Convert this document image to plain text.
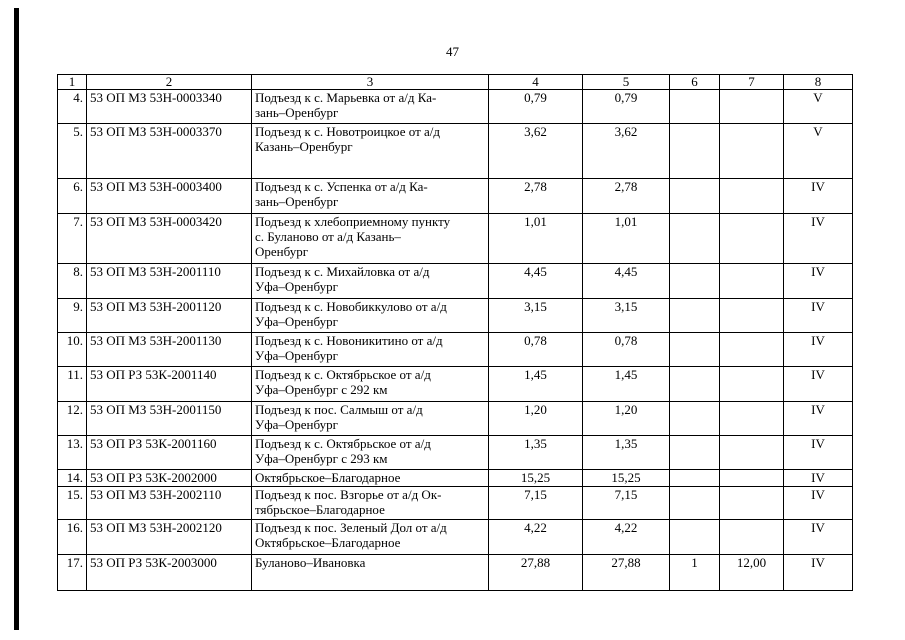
47
1	2	3	4	5	6	7	8
4.	53 ОП МЗ 53Н-0003340	Подъезд к с. Марьевка от а/д Ка-
зань–Оренбург	0,79	0,79			V
5.	53 ОП МЗ 53Н-0003370	Подъезд к с. Новотроицкое от а/д
Казань–Оренбург	3,62	3,62			V
6.	53 ОП МЗ 53Н-0003400	Подъезд к с. Успенка от а/д Ка-
зань–Оренбург	2,78	2,78			IV
7.	53 ОП МЗ 53Н-0003420	Подъезд к хлебоприемному пункту
с. Буланово от а/д Казань–
Оренбург	1,01	1,01			IV
8.	53 ОП МЗ 53Н-2001110	Подъезд к с. Михайловка от а/д
Уфа–Оренбург	4,45	4,45			IV
9.	53 ОП МЗ 53Н-2001120	Подъезд к с. Новобиккулово от а/д
Уфа–Оренбург	3,15	3,15			IV
10.	53 ОП МЗ 53Н-2001130	Подъезд к с. Новоникитино от а/д
Уфа–Оренбург	0,78	0,78			IV
11.	53 ОП РЗ 53К-2001140	Подъезд к с. Октябрьское от а/д
Уфа–Оренбург с 292 км	1,45	1,45			IV
12.	53 ОП МЗ 53Н-2001150	Подъезд к пос. Салмыш от а/д
Уфа–Оренбург	1,20	1,20			IV
13.	53 ОП РЗ 53К-2001160	Подъезд к с. Октябрьское от а/д
Уфа–Оренбург с 293 км	1,35	1,35			IV
14.	53 ОП РЗ 53К-2002000	Октябрьское–Благодарное	15,25	15,25			IV
15.	53 ОП МЗ 53Н-2002110	Подъезд к пос. Взгорье от а/д Ок-
тябрьское–Благодарное	7,15	7,15			IV
16.	53 ОП МЗ 53Н-2002120	Подъезд к пос. Зеленый Дол от а/д
Октябрьское–Благодарное	4,22	4,22			IV
17.	53 ОП РЗ 53К-2003000	Буланово–Ивановка	27,88	27,88	1	12,00	IV
